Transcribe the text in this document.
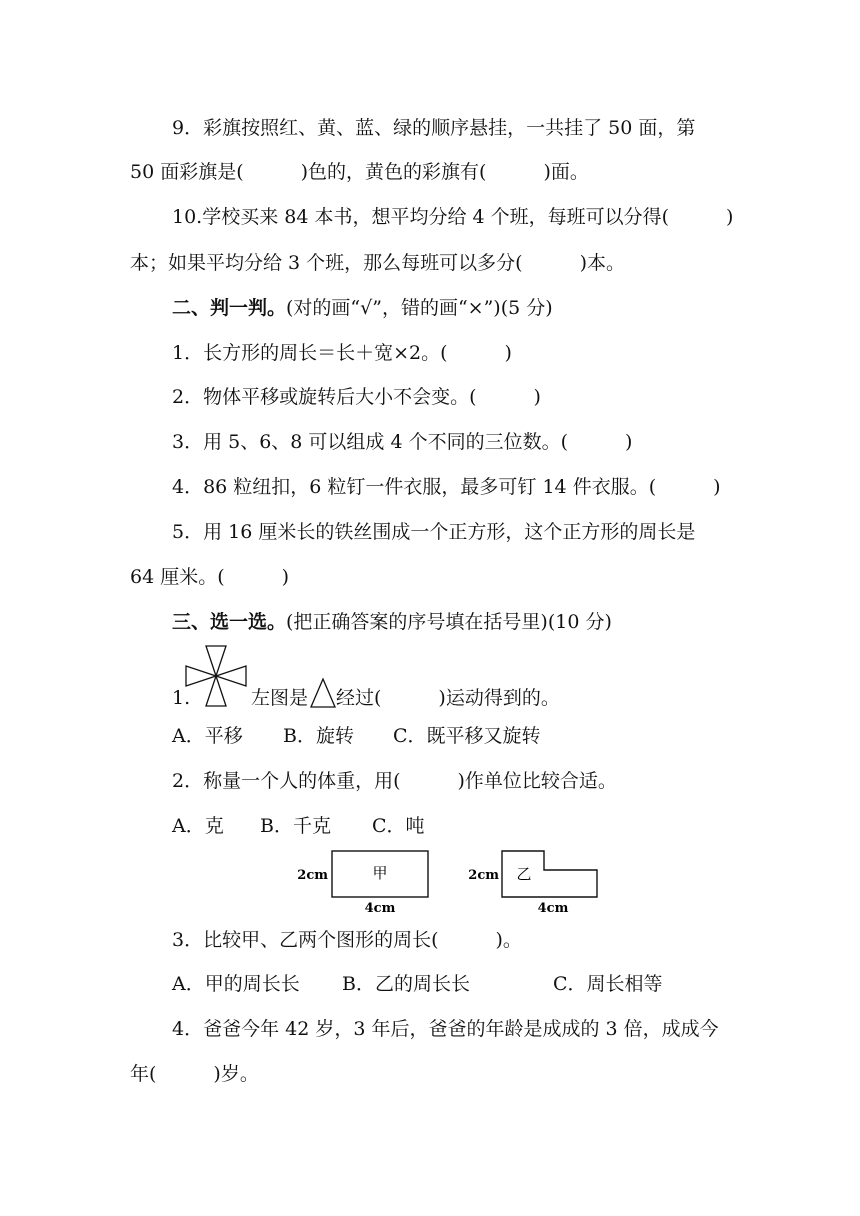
9．彩旗按照红、黄、蓝、绿的顺序悬挂，一共挂了 50 面，第
50 面彩旗是(　　　)色的，黄色的彩旗有(　　　)面。
10.学校买来 84 本书，想平均分给 4 个班，每班可以分得(　　　)
本；如果平均分给 3 个班，那么每班可以多分(　　　)本。
二、判一判。(对的画“√”，错的画“×”)(5 分)
1．长方形的周长＝长＋宽×2。(　　　)
2．物体平移或旋转后大小不会变。(　　　)
3．用 5、6、8 可以组成 4 个不同的三位数。(　　　)
4．86 粒纽扣，6 粒钉一件衣服，最多可钉 14 件衣服。(　　　)
5．用 16 厘米长的铁丝围成一个正方形，这个正方形的周长是
64 厘米。(　　　)
三、选一选。(把正确答案的序号填在括号里)(10 分)
1.	左图是 经过(　　　)运动得到的。
A．平移 B．旋转 C．既平移又旋转
2．称量一个人的体重，用(　　　)作单位比较合适。
A．克 B．千克 C．吨
甲
2cm
4cm
乙
2cm
4cm
3．比较甲、乙两个图形的周长(　　　)。
A．甲的周长长 B．乙的周长长	C．周长相等
4．爸爸今年 42 岁，3 年后，爸爸的年龄是成成的 3 倍，成成今
年(　　　)岁。
